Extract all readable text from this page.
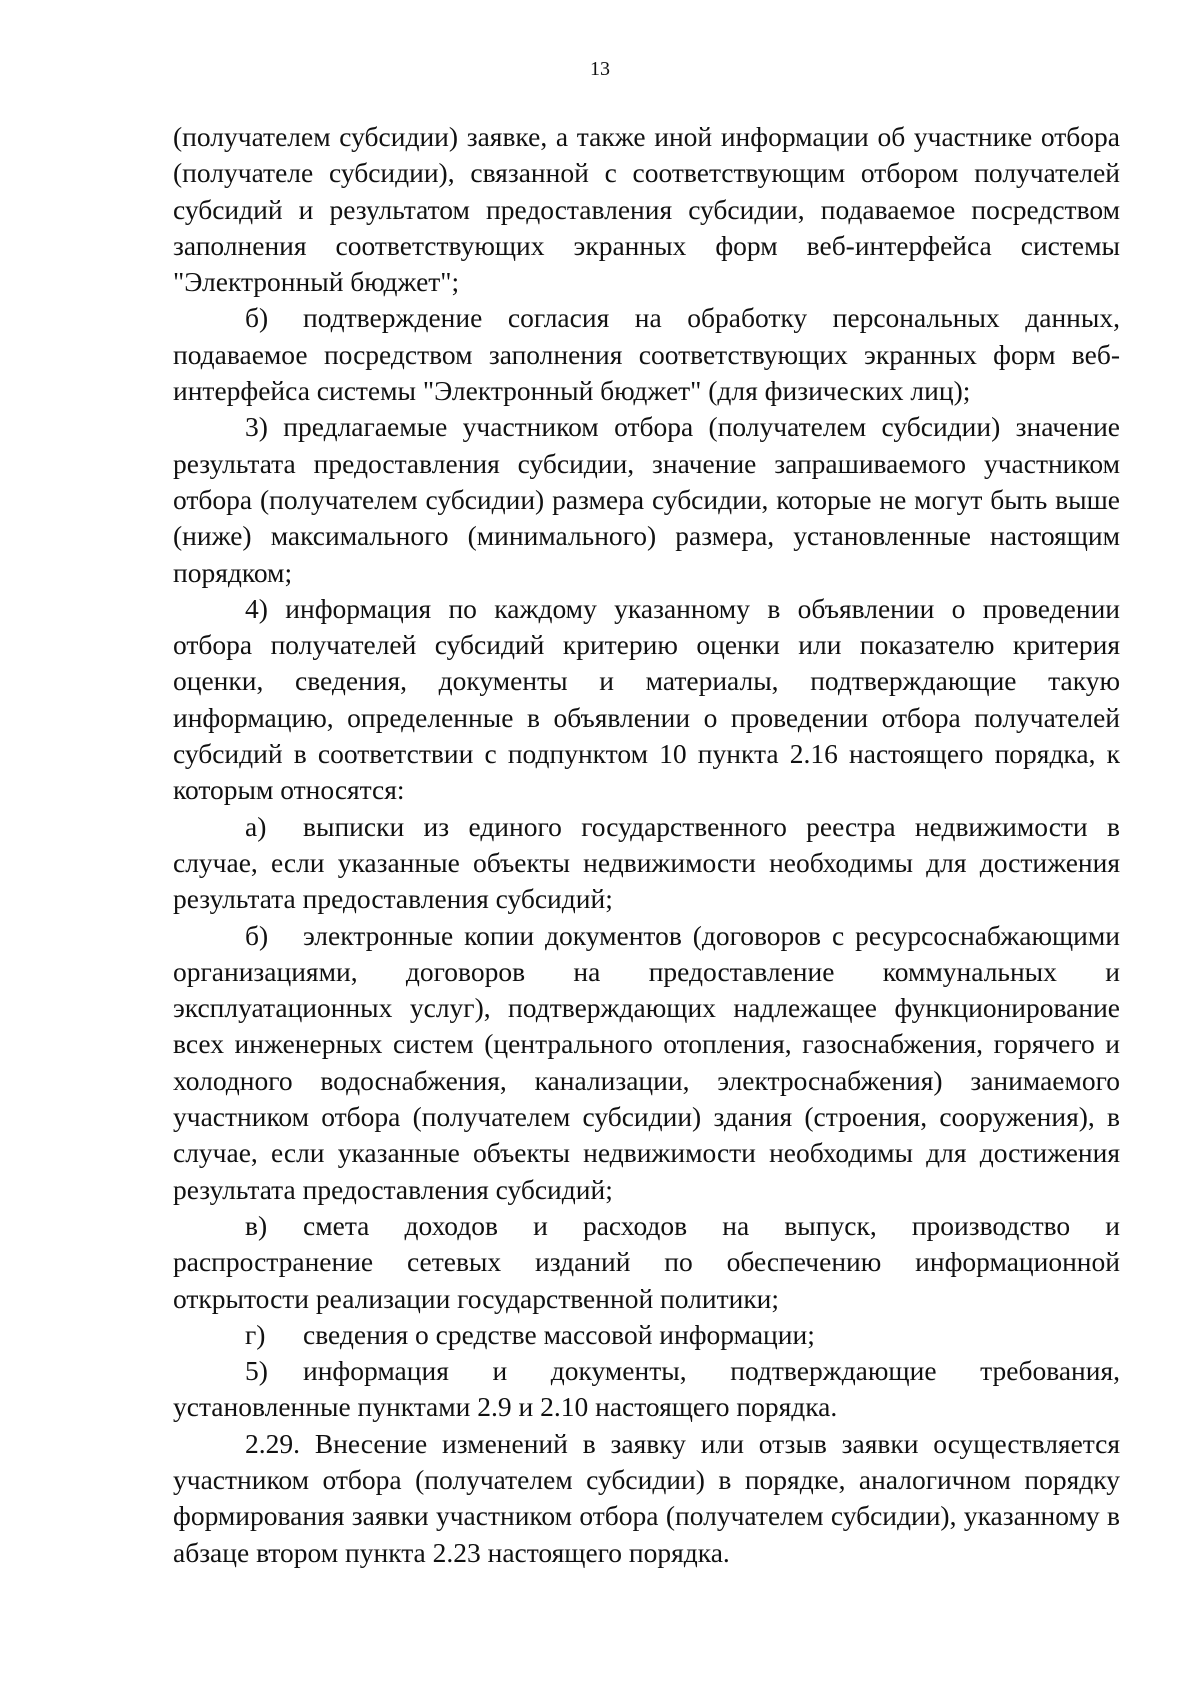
13

(получателем субсидии) заявке, а также иной информации об участнике отбора (получателе субсидии), связанной с соответствующим отбором получателей субсидий и результатом предоставления субсидии, подаваемое посредством заполнения соответствующих экранных форм веб-интерфейса системы "Электронный бюджет";

б) подтверждение согласия на обработку персональных данных, подаваемое посредством заполнения соответствующих экранных форм веб-интерфейса системы "Электронный бюджет" (для физических лиц);

3) предлагаемые участником отбора (получателем субсидии) значение результата предоставления субсидии, значение запрашиваемого участником отбора (получателем субсидии) размера субсидии, которые не могут быть выше (ниже) максимального (минимального) размера, установленные настоящим порядком;

4) информация по каждому указанному в объявлении о проведении отбора получателей субсидий критерию оценки или показателю критерия оценки, сведения, документы и материалы, подтверждающие такую информацию, определенные в объявлении о проведении отбора получателей субсидий в соответствии с подпунктом 10 пункта 2.16 настоящего порядка, к которым относятся:

а) выписки из единого государственного реестра недвижимости в случае, если указанные объекты недвижимости необходимы для достижения результата предоставления субсидий;

б) электронные копии документов (договоров с ресурсоснабжающими организациями, договоров на предоставление коммунальных и эксплуатационных услуг), подтверждающих надлежащее функционирование всех инженерных систем (центрального отопления, газоснабжения, горячего и холодного водоснабжения, канализации, электроснабжения) занимаемого участником отбора (получателем субсидии) здания (строения, сооружения), в случае, если указанные объекты недвижимости необходимы для достижения результата предоставления субсидий;

в) смета доходов и расходов на выпуск, производство и распространение сетевых изданий по обеспечению информационной открытости реализации государственной политики;

г) сведения о средстве массовой информации;

5) информация и документы, подтверждающие требования, установленные пунктами 2.9 и 2.10 настоящего порядка.

2.29. Внесение изменений в заявку или отзыв заявки осуществляется участником отбора (получателем субсидии) в порядке, аналогичном порядку формирования заявки участником отбора (получателем субсидии), указанному в абзаце втором пункта 2.23 настоящего порядка.
